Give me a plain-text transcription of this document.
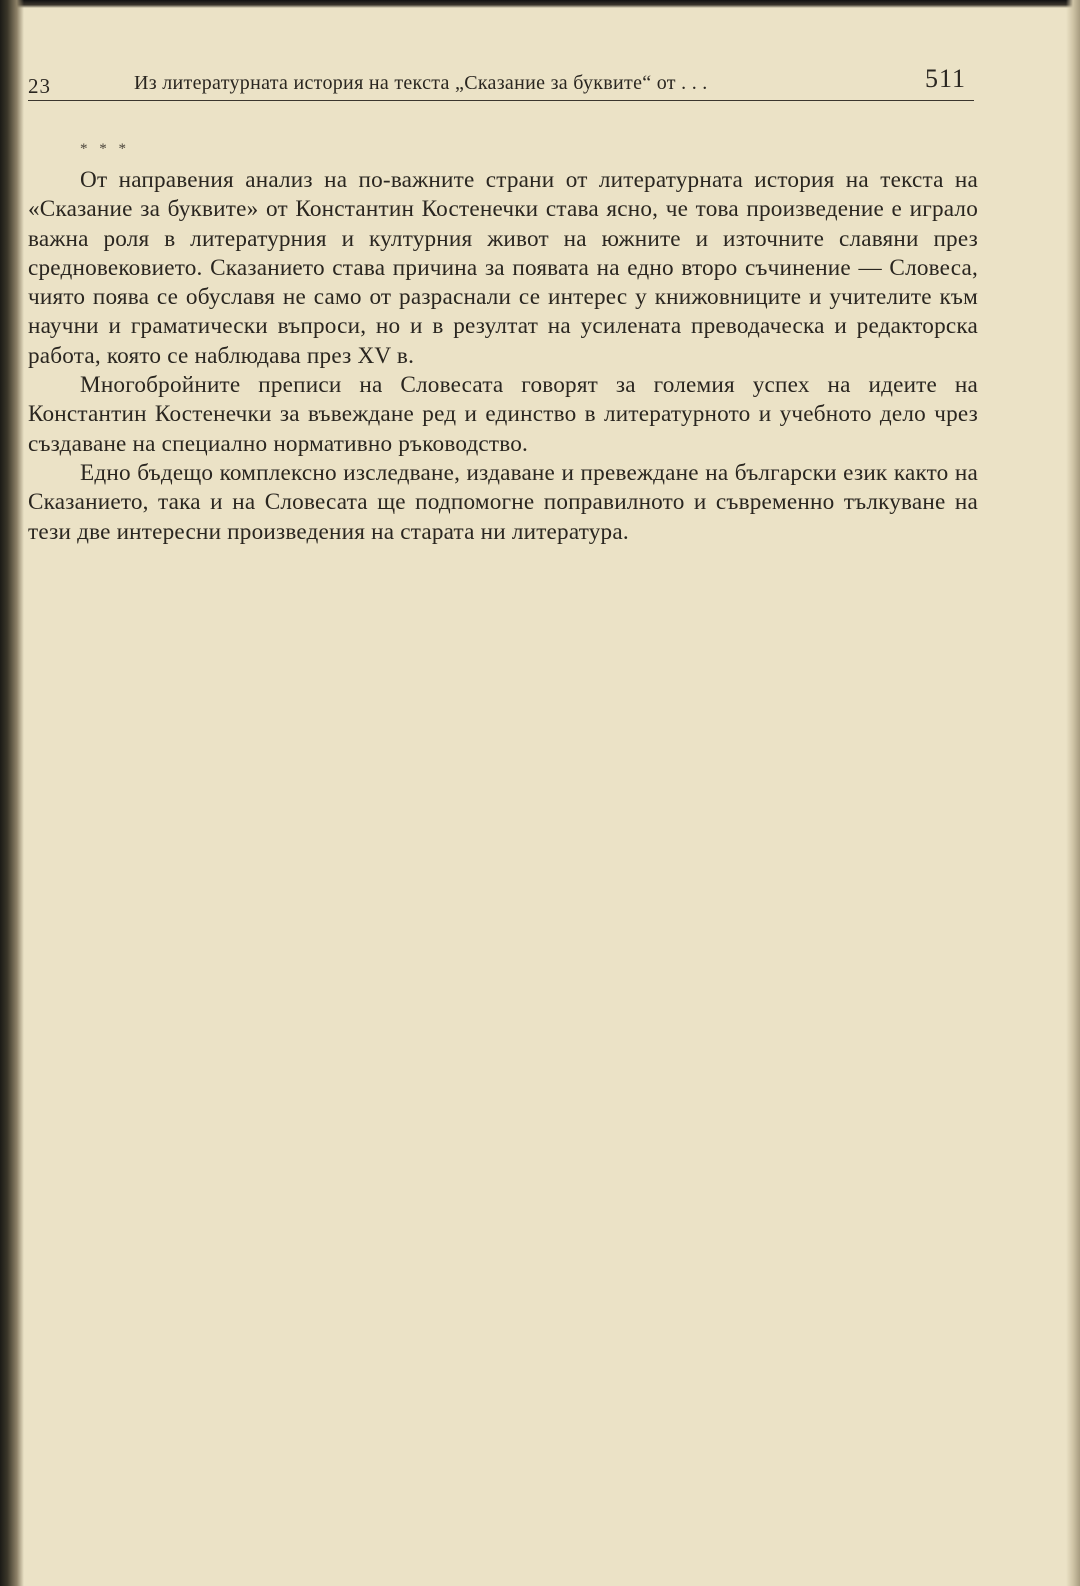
23	Из литературната история на текста „Сказание за буквите“ от . . .	511
* * *

От направения анализ на по-важните страни от литературната история на текста на «Сказание за буквите» от Константин Костенечки става ясно, че това произведение е играло важна роля в литературния и културния живот на южните и източните славяни през средновековието. Сказанието става причина за появата на едно второ съчинение — Словеса, чиято поява се обуславя не само от разраснали се интерес у книжовниците и учителите към научни и граматически въпроси, но и в резултат на усилената преводаческа и редакторска работа, която се наблюдава през XV в.

Многобройните преписи на Словесата говорят за големия успех на идеите на Константин Костенечки за въвеждане ред и единство в литературното и учебното дело чрез създаване на специално нормативно ръководство.

Едно бъдещо комплексно изследване, издаване и превеждане на български език както на Сказанието, така и на Словесата ще подпомогне поправилното и съвременно тълкуване на тези две интересни произведения на старата ни литература.
